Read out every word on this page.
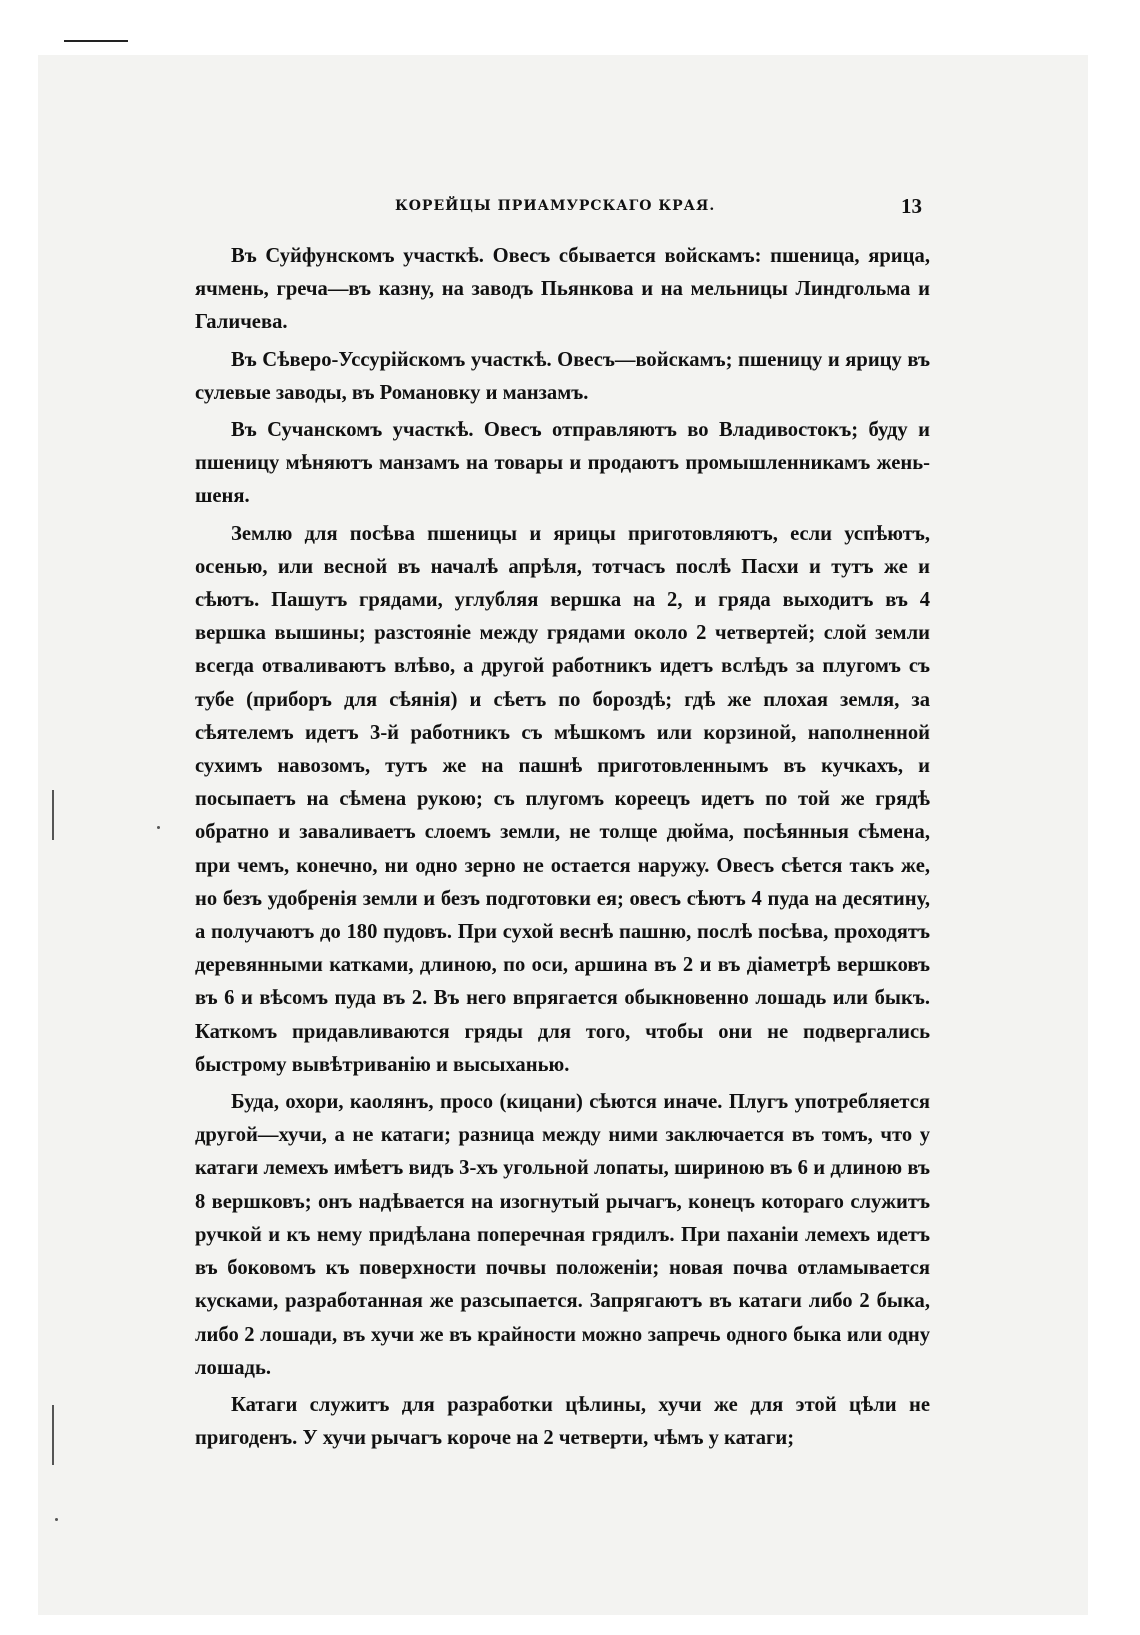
КОРЕЙЦЫ ПРИАМУРСКАГО КРАЯ.	13

Въ Суйфунскомъ участкѣ. Овесъ сбывается войскамъ: пшеница, ярица, ячмень, греча—въ казну, на заводъ Пьянкова и на мельницы Линдгольма и Галичева.

Въ Сѣверо-Уссурійскомъ участкѣ. Овесъ—войскамъ; пшеницу и ярицу въ сулевые заводы, въ Романовку и манзамъ.

Въ Сучанскомъ участкѣ. Овесъ отправляютъ во Владивостокъ; буду и пшеницу мѣняютъ манзамъ на товары и продаютъ промышленникамъ жень-шеня.

Землю для посѣва пшеницы и ярицы приготовляютъ, если успѣютъ, осенью, или весной въ началѣ апрѣля, тотчасъ послѣ Пасхи и тутъ же и сѣютъ. Пашутъ грядами, углубляя вершка на 2, и гряда выходитъ въ 4 вершка вышины; разстояніе между грядами около 2 четвертей; слой земли всегда отваливаютъ влѣво, а другой работникъ идетъ вслѣдъ за плугомъ съ тубе (приборъ для сѣянія) и сѣетъ по бороздѣ; гдѣ же плохая земля, за сѣятелемъ идетъ 3-й работникъ съ мѣшкомъ или корзиной, наполненной сухимъ навозомъ, тутъ же на пашнѣ приготовленнымъ въ кучкахъ, и посыпаетъ на сѣмена рукою; съ плугомъ кореецъ идетъ по той же грядѣ обратно и заваливаетъ слоемъ земли, не толще дюйма, посѣянныя сѣмена, при чемъ, конечно, ни одно зерно не остается наружу. Овесъ сѣется такъ же, но безъ удобренія земли и безъ подготовки ея; овесъ сѣютъ 4 пуда на десятину, а получаютъ до 180 пудовъ. При сухой веснѣ пашню, послѣ посѣва, проходятъ деревянными катками, длиною, по оси, аршина въ 2 и въ діаметрѣ вершковъ въ 6 и вѣсомъ пуда въ 2. Въ него впрягается обыкновенно лошадь или быкъ. Каткомъ придавливаются гряды для того, чтобы они не подвергались быстрому вывѣтриванію и высыханью.

Буда, охори, каолянъ, просо (кицани) сѣются иначе. Плугъ употребляется другой—хучи, а не катаги; разница между ними заключается въ томъ, что у катаги лемехъ имѣетъ видъ 3-хъ угольной лопаты, шириною въ 6 и длиною въ 8 вершковъ; онъ надѣвается на изогнутый рычагъ, конецъ котораго служитъ ручкой и къ нему придѣлана поперечная грядилъ. При паханіи лемехъ идетъ въ боковомъ къ поверхности почвы положеніи; новая почва отламывается кусками, разработанная же разсыпается. Запрягаютъ въ катаги либо 2 быка, либо 2 лошади, въ хучи же въ крайности можно запречь одного быка или одну лошадь.

Катаги служитъ для разработки цѣлины, хучи же для этой цѣли не пригоденъ. У хучи рычагъ короче на 2 четверти, чѣмъ у катаги;
